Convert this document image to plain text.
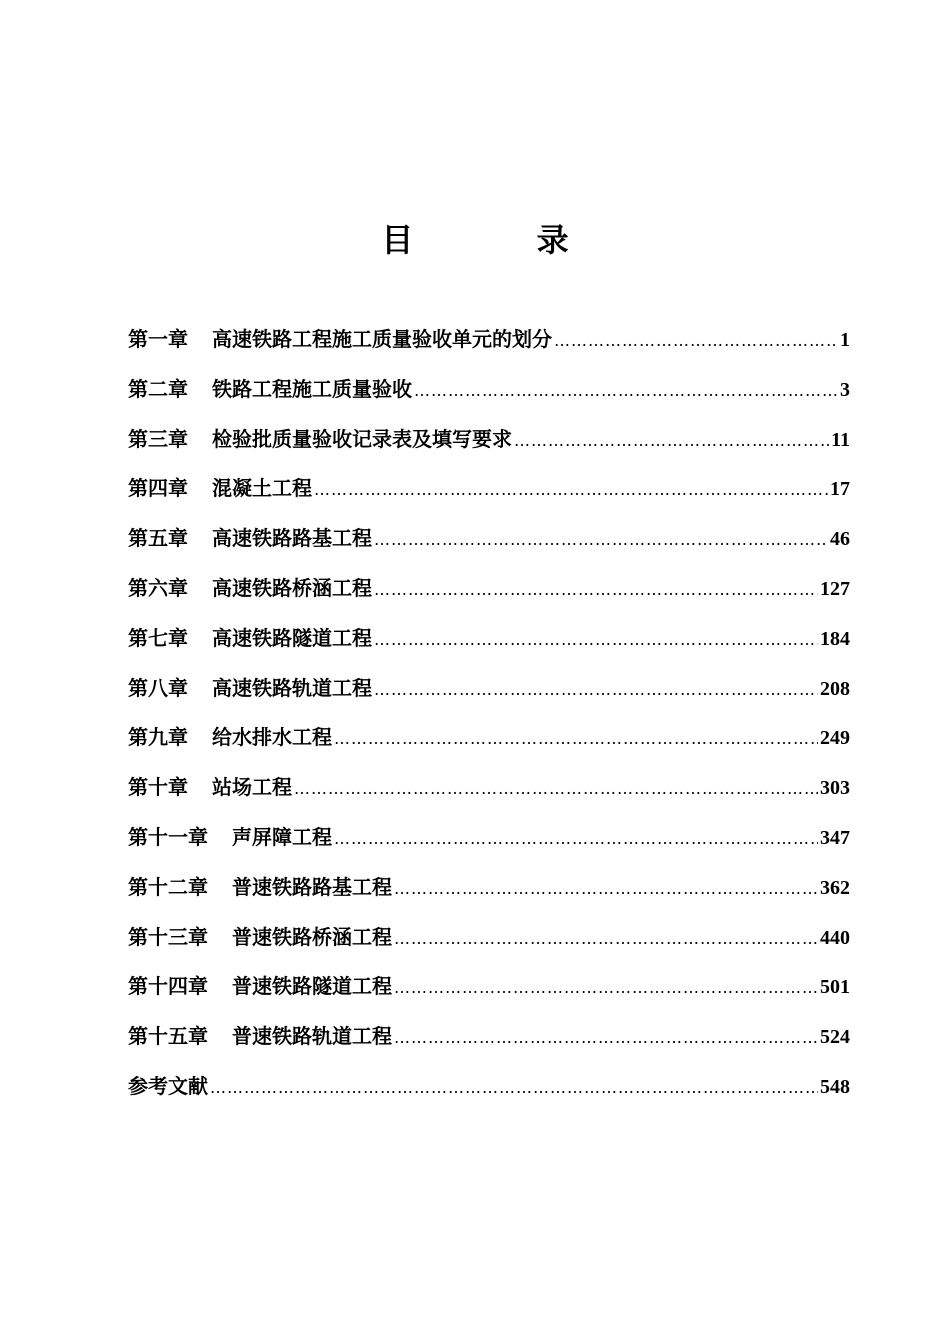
目 录
第一章 高速铁路工程施工质量验收单元的划分 ………………………………………………………………………………………………………………………………………………………………………………	1
第二章 铁路工程施工质量验收 ………………………………………………………………………………………………………………………………………………………………………………	3
第三章 检验批质量验收记录表及填写要求 ………………………………………………………………………………………………………………………………………………………………………………	11
第四章 混凝土工程 ………………………………………………………………………………………………………………………………………………………………………………	17
第五章 高速铁路路基工程 ………………………………………………………………………………………………………………………………………………………………………………	46
第六章 高速铁路桥涵工程 ………………………………………………………………………………………………………………………………………………………………………………	127
第七章 高速铁路隧道工程 ………………………………………………………………………………………………………………………………………………………………………………	184
第八章 高速铁路轨道工程 ………………………………………………………………………………………………………………………………………………………………………………	208
第九章 给水排水工程 ………………………………………………………………………………………………………………………………………………………………………………	249
第十章 站场工程 ………………………………………………………………………………………………………………………………………………………………………………	303
第十一章 声屏障工程 ………………………………………………………………………………………………………………………………………………………………………………	347
第十二章 普速铁路路基工程 ………………………………………………………………………………………………………………………………………………………………………………	362
第十三章 普速铁路桥涵工程 ………………………………………………………………………………………………………………………………………………………………………………	440
第十四章 普速铁路隧道工程 ………………………………………………………………………………………………………………………………………………………………………………	501
第十五章 普速铁路轨道工程 ………………………………………………………………………………………………………………………………………………………………………………	524
参考文献 ………………………………………………………………………………………………………………………………………………………………………………	548
